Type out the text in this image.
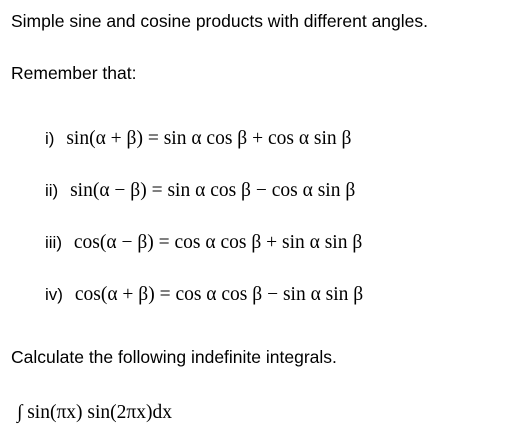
Simple sine and cosine products with different angles.
Remember that:
i) sin(α + β) = sin α cos β + cos α sin β
ii) sin(α − β) = sin α cos β − cos α sin β
iii) cos(α − β) = cos α cos β + sin α sin β
iv) cos(α + β) = cos α cos β − sin α sin β
Calculate the following indefinite integrals.
∫ sin(πx) sin(2πx)dx
